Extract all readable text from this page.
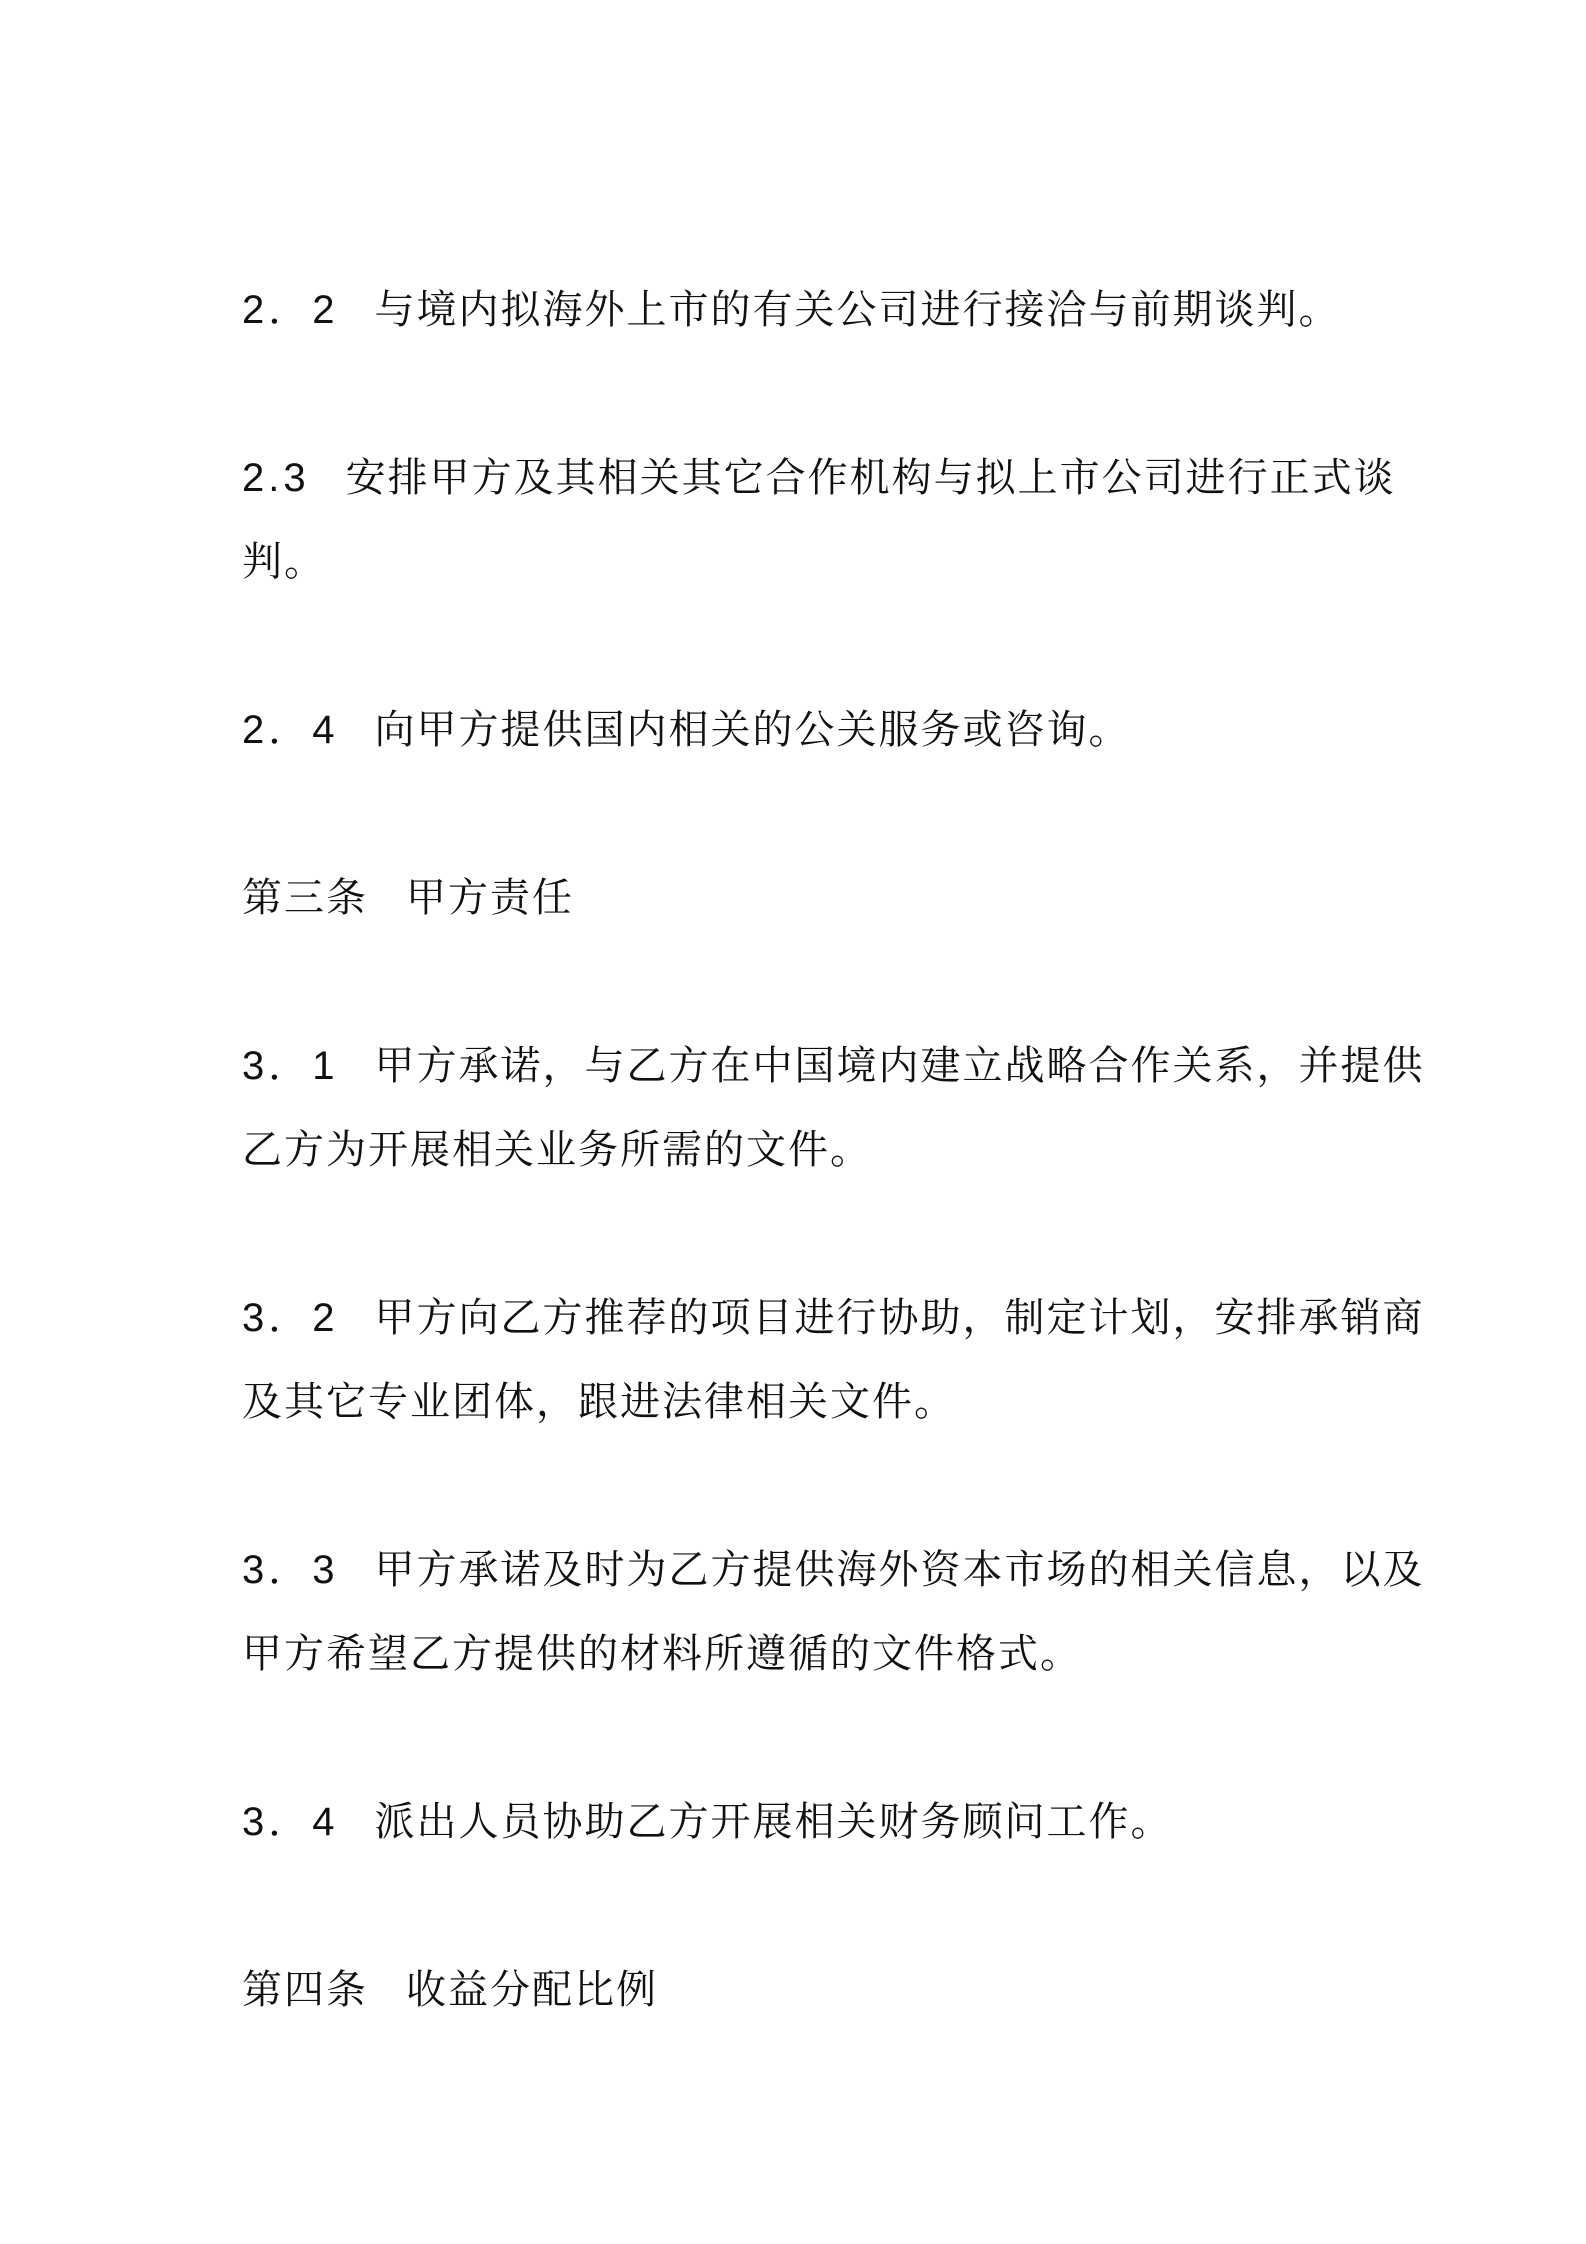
2．2 与境内拟海外上市的有关公司进行接洽与前期谈判。
2.3 安排甲方及其相关其它合作机构与拟上市公司进行正式谈
判。
2．4 向甲方提供国内相关的公关服务或咨询。
第三条 甲方责任
3．1 甲方承诺，与乙方在中国境内建立战略合作关系，并提供
乙方为开展相关业务所需的文件。
3．2 甲方向乙方推荐的项目进行协助，制定计划，安排承销商
及其它专业团体，跟进法律相关文件。
3．3 甲方承诺及时为乙方提供海外资本市场的相关信息，以及
甲方希望乙方提供的材料所遵循的文件格式。
3．4 派出人员协助乙方开展相关财务顾问工作。
第四条 收益分配比例
